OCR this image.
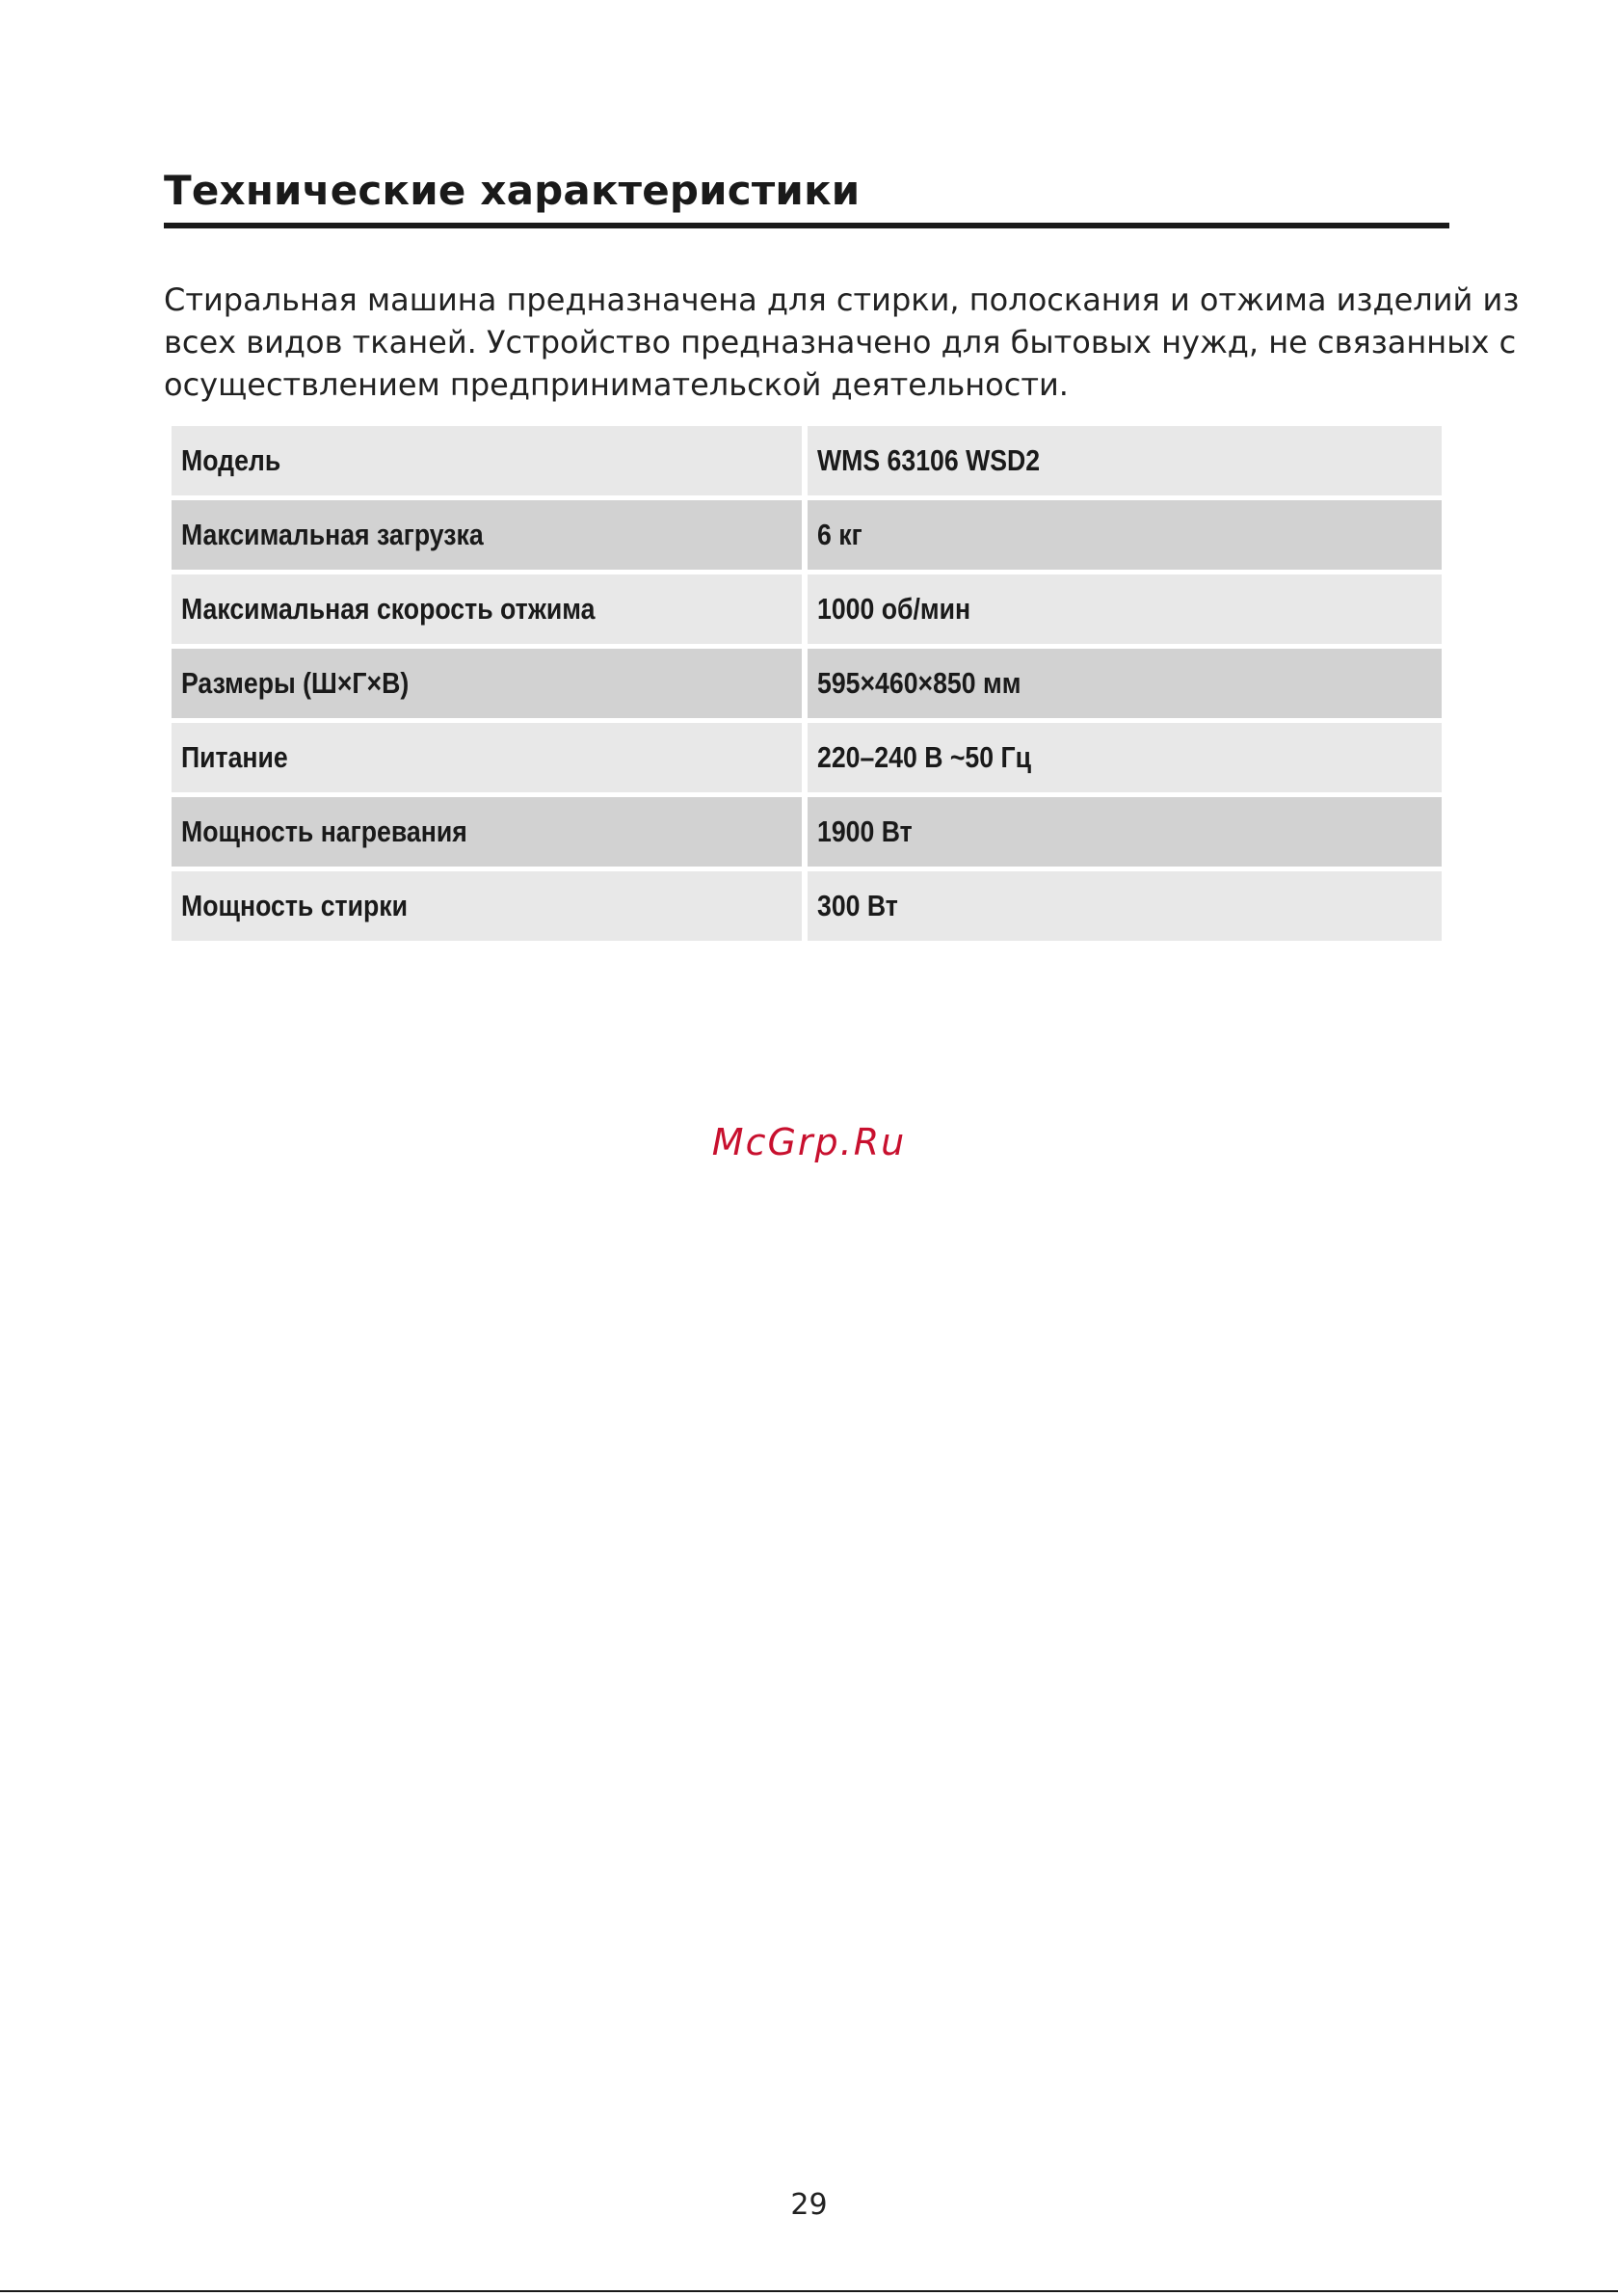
Технические характеристики

Стиральная машина предназначена для стирки, полоскания и отжима изделий из
всех видов тканей. Устройство предназначено для бытовых нужд, не связанных с
осуществлением предпринимательской деятельности.

Модель	WMS 63106 WSD2
Максимальная загрузка	6 кг
Максимальная скорость отжима	1000 об/мин
Размеры (Ш×Г×В)	595×460×850 мм
Питание	220–240 В ~50 Гц
Мощность нагревания	1900 Вт
Мощность стирки	300 Вт
McGrp.Ru
29
